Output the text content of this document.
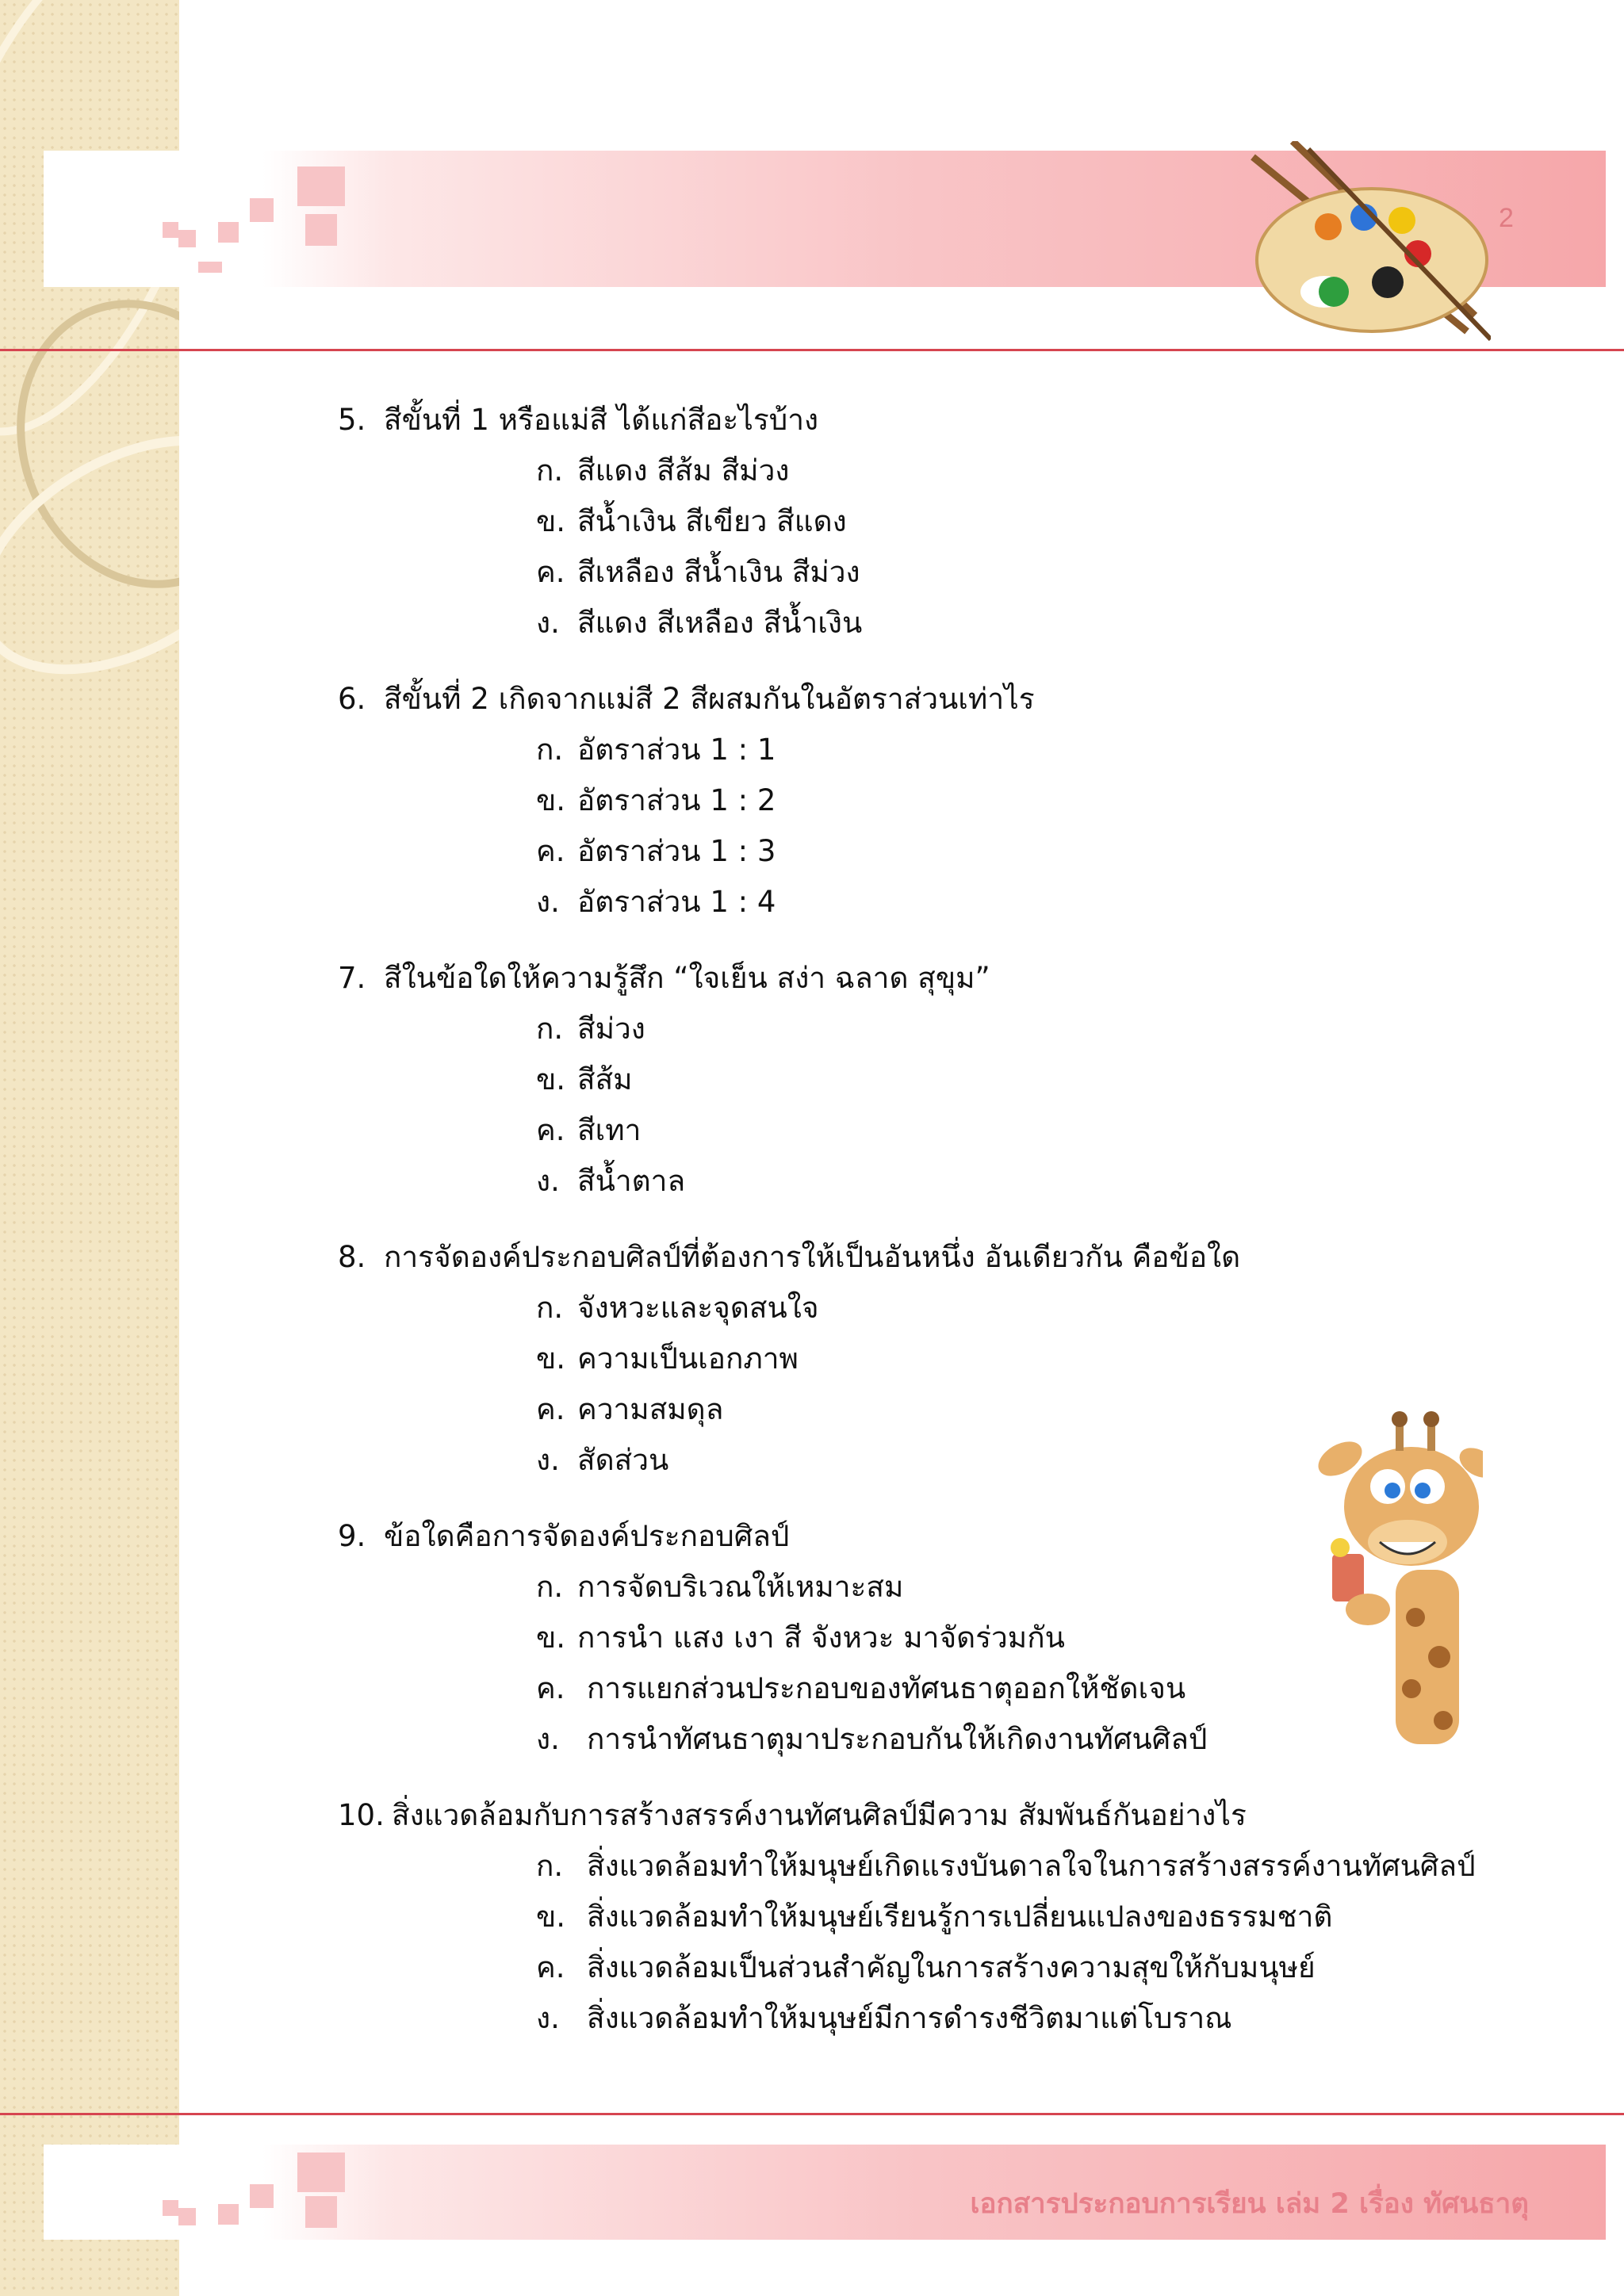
2
5. สีขั้นที่ 1 หรือแม่สี ได้แก่สีอะไรบ้าง
ก. สีแดง สีส้ม สีม่วง
ข. สีน้ำเงิน สีเขียว สีแดง
ค. สีเหลือง สีน้ำเงิน สีม่วง
ง. สีแดง สีเหลือง สีน้ำเงิน
6. สีขั้นที่ 2 เกิดจากแม่สี 2 สีผสมกันในอัตราส่วนเท่าไร
ก. อัตราส่วน 1 : 1
ข. อัตราส่วน 1 : 2
ค. อัตราส่วน 1 : 3
ง. อัตราส่วน 1 : 4
7. สีในข้อใดให้ความรู้สึก “ใจเย็น สง่า ฉลาด สุขุม”
ก. สีม่วง
ข. สีส้ม
ค. สีเทา
ง. สีน้ำตาล
8. การจัดองค์ประกอบศิลป์ที่ต้องการให้เป็นอันหนึ่ง อันเดียวกัน คือข้อใด
ก. จังหวะและจุดสนใจ
ข. ความเป็นเอกภาพ
ค. ความสมดุล
ง. สัดส่วน
9. ข้อใดคือการจัดองค์ประกอบศิลป์
ก. การจัดบริเวณให้เหมาะสม
ข. การนำ แสง เงา สี จังหวะ มาจัดร่วมกัน
ค. การแยกส่วนประกอบของทัศนธาตุออกให้ชัดเจน
ง. การนำทัศนธาตุมาประกอบกันให้เกิดงานทัศนศิลป์
10. สิ่งแวดล้อมกับการสร้างสรรค์งานทัศนศิลป์มีความ สัมพันธ์กันอย่างไร
ก. สิ่งแวดล้อมทำให้มนุษย์เกิดแรงบันดาลใจในการสร้างสรรค์งานทัศนศิลป์
ข. สิ่งแวดล้อมทำให้มนุษย์เรียนรู้การเปลี่ยนแปลงของธรรมชาติ
ค. สิ่งแวดล้อมเป็นส่วนสำคัญในการสร้างความสุขให้กับมนุษย์
ง. สิ่งแวดล้อมทำให้มนุษย์มีการดำรงชีวิตมาแต่โบราณ
เอกสารประกอบการเรียน เล่ม 2 เรื่อง ทัศนธาตุ
